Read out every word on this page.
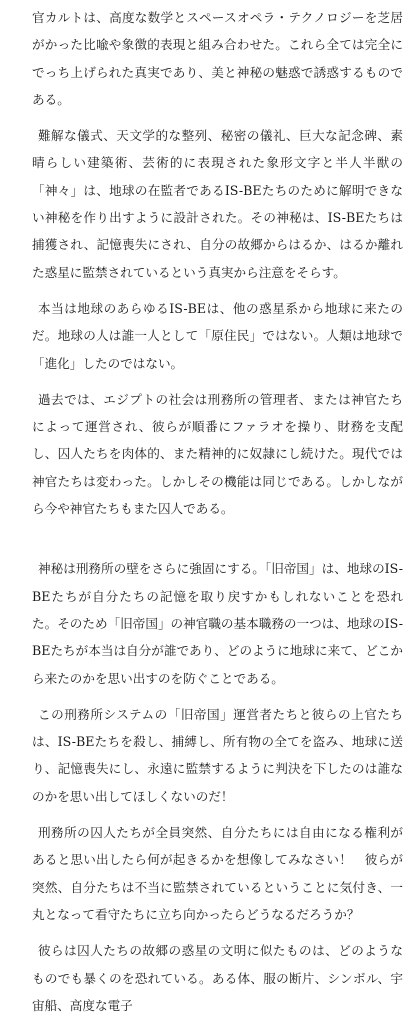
官カルトは、高度な数学とスペースオペラ・テクノロジーを芝居がかった比喩や象徴的表現と組み合わせた。これら全ては完全にでっち上げられた真実であり、美と神秘の魅惑で誘惑するものである。

難解な儀式、天文学的な整列、秘密の儀礼、巨大な記念碑、素晴らしい建築術、芸術的に表現された象形文字と半人半獣の「神々」は、地球の在監者であるIS-BEたちのために解明できない神秘を作り出すように設計された。その神秘は、IS-BEたちは捕獲され、記憶喪失にされ、自分の故郷からはるか、はるか離れた惑星に監禁されているという真実から注意をそらす。

本当は地球のあらゆるIS-BEは、他の惑星系から地球に来たのだ。地球の人は誰一人として「原住民」ではない。人類は地球で「進化」したのではない。

過去では、エジプトの社会は刑務所の管理者、または神官たちによって運営され、彼らが順番にファラオを操り、財務を支配し、囚人たちを肉体的、また精神的に奴隷にし続けた。現代では神官たちは変わった。しかしその機能は同じである。しかしながら今や神官たちもまた囚人である。

神秘は刑務所の壁をさらに強固にする。「旧帝国」は、地球のIS-BEたちが自分たちの記憶を取り戻すかもしれないことを恐れた。そのため「旧帝国」の神官職の基本職務の一つは、地球のIS-BEたちが本当は自分が誰であり、どのように地球に来て、どこから来たのかを思い出すのを防ぐことである。

この刑務所システムの「旧帝国」運営者たちと彼らの上官たちは、IS-BEたちを殺し、捕縛し、所有物の全てを盗み、地球に送り、記憶喪失にし、永遠に監禁するように判決を下したのは誰なのかを思い出してほしくないのだ！

刑務所の囚人たちが全員突然、自分たちには自由になる権利があると思い出したら何が起きるかを想像してみなさい！　彼らが突然、自分たちは不当に監禁されているということに気付き、一丸となって看守たちに立ち向かったらどうなるだろうか？

彼らは囚人たちの故郷の惑星の文明に似たものは、どのようなものでも暴くのを恐れている。ある体、服の断片、シンボル、宇宙船、高度な電子
